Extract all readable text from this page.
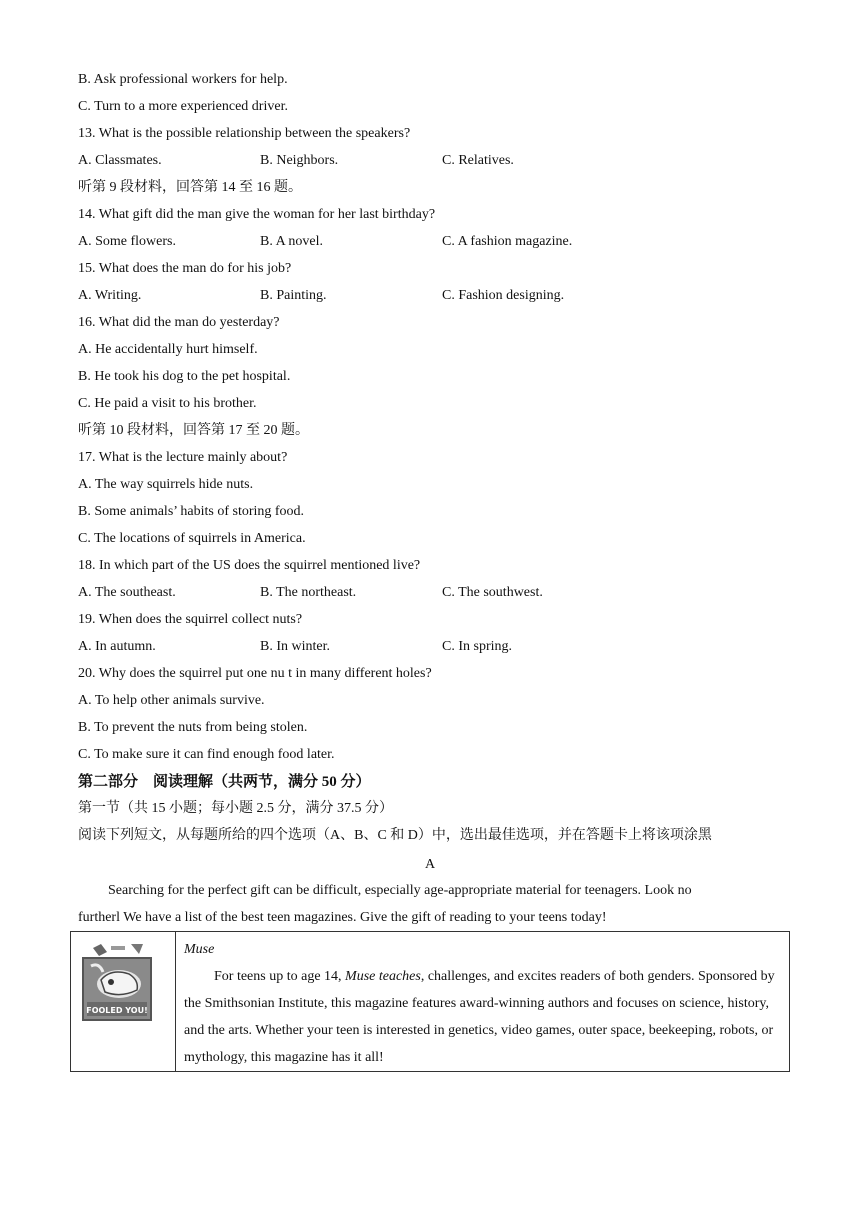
B. Ask professional workers for help.
C. Turn to a more experienced driver.
13. What is the possible relationship between the speakers?
A. Classmates.	B. Neighbors.	C. Relatives.
听第 9 段材料，回答第 14 至 16 题。
14. What gift did the man give the woman for her last birthday?
A. Some flowers.	B. A novel.	C. A fashion magazine.
15. What does the man do for his job?
A. Writing.	B. Painting.	C. Fashion designing.
16. What did the man do yesterday?
A. He accidentally hurt himself.
B. He took his dog to the pet hospital.
C. He paid a visit to his brother.
听第 10 段材料，回答第 17 至 20 题。
17. What is the lecture mainly about?
A. The way squirrels hide nuts.
B. Some animals’ habits of storing food.
C. The locations of squirrels in America.
18. In which part of the US does the squirrel mentioned live?
A. The southeast.	B. The northeast.	C. The southwest.
19. When does the squirrel collect nuts?
A. In autumn.	B. In winter.	C. In spring.
20. Why does the squirrel put one nu t in many different holes?
A. To help other animals survive.
B. To prevent the nuts from being stolen.
C. To make sure it can find enough food later.
第二部分　阅读理解（共两节，满分 50 分）
第一节（共 15 小题；每小题 2.5 分，满分 37.5 分）
阅读下列短文，从每题所给的四个选项（A、B、C 和 D）中，选出最佳选项，并在答题卡上将该项涂黑
A
Searching for the perfect gift can be difficult, especially age-appropriate material for teenagers. Look no
furtherl We have a list of the best teen magazines. Give the gift of reading to your teens today!
FOOLED YOU!

Muse
For teens up to age 14, Muse teaches, challenges, and excites readers of both genders. Sponsored by the Smithsonian Institute, this magazine features award-winning authors and focuses on science, history, and the arts. Whether your teen is interested in genetics, video games, outer space, beekeeping, robots, or mythology, this magazine has it all!
